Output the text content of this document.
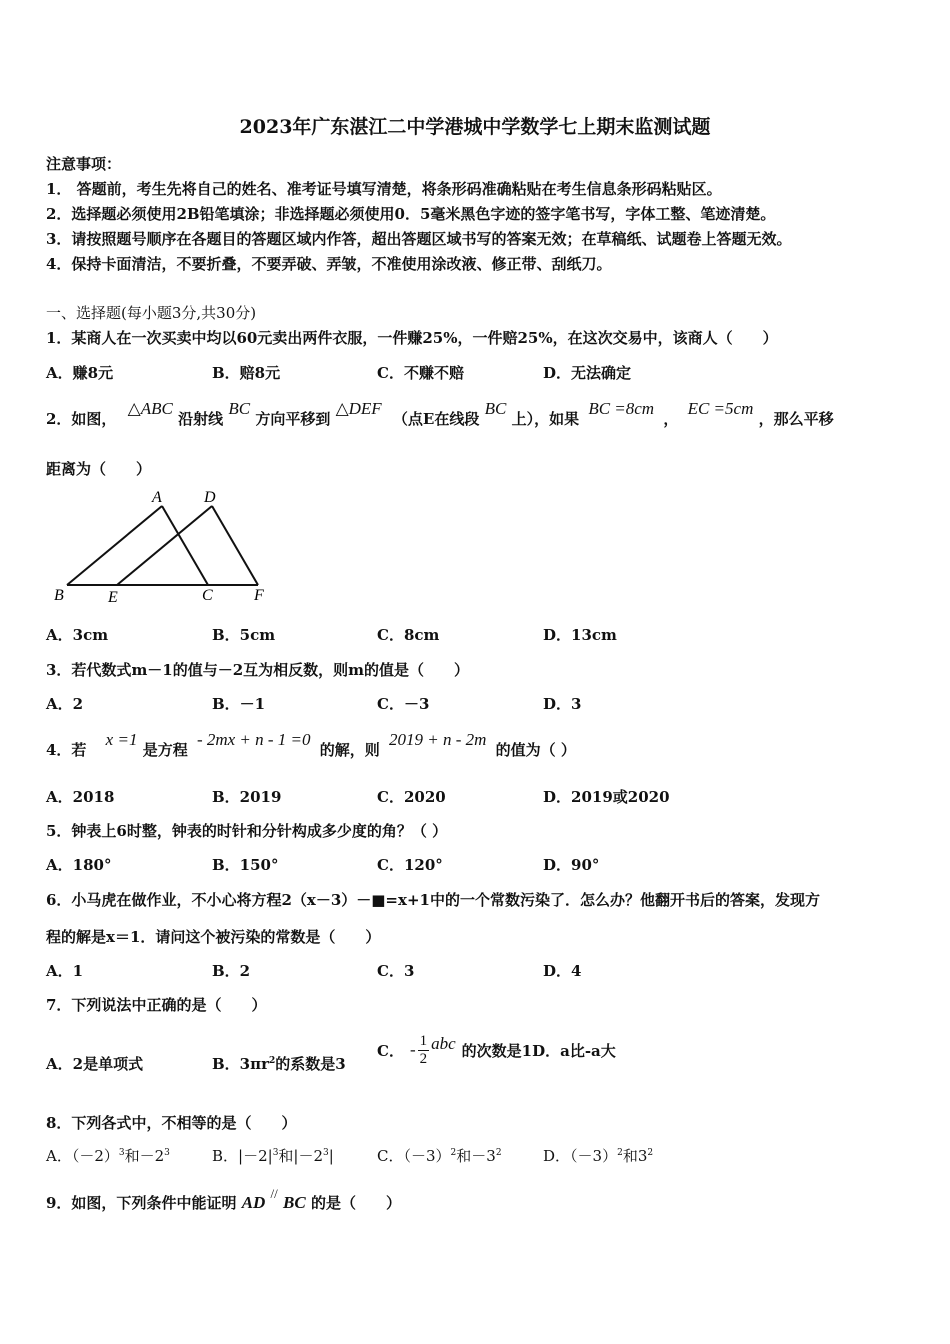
2023年广东湛江二中学港城中学数学七上期末监测试题
注意事项：
1． 答题前，考生先将自己的姓名、准考证号填写清楚，将条形码准确粘贴在考生信息条形码粘贴区。
2．选择题必须使用2B铅笔填涂；非选择题必须使用0．5毫米黑色字迹的签字笔书写，字体工整、笔迹清楚。
3．请按照题号顺序在各题目的答题区域内作答，超出答题区域书写的答案无效；在草稿纸、试题卷上答题无效。
4．保持卡面清洁，不要折叠，不要弄破、弄皱，不准使用涂改液、修正带、刮纸刀。
一、选择题(每小题3分,共30分)
1．某商人在一次买卖中均以60元卖出两件衣服，一件赚25%，一件赔25%，在这次交易中，该商人（　　）
A．赚8元	B．赔8元	C．不赚不赔	D．无法确定
2．如图， △ABC 沿射线 BC 方向平移到 △DEF （点E在线段 BC 上），如果 BC =8cm ， EC =5cm ，那么平移
距离为（　　）
A	D
B	E	C	F
A．3cm	B．5cm	C．8cm	D．13cm
3．若代数式m－1的值与－2互为相反数，则m的值是（　　）
A．2	B．－1	C．－3	D．3
4．若 x =1 是方程 - 2mx + n - 1 =0 的解，则 2019 + n - 2m 的值为（ ）
A．2018	B．2019	C．2020	D．2019或2020
5．钟表上6时整，钟表的时针和分针构成多少度的角？（ ）
A．180°	B．150°	C．120°	D．90°
6．小马虎在做作业，不小心将方程2（x－3）－■=x+1中的一个常数污染了．怎么办？他翻开书后的答案，发现方
程的解是x＝1．请问这个被污染的常数是（　　）
A．1	B．2	C．3	D．4
7．下列说法中正确的是（　　）
A．2是单项式	B．$3\pi r^2$的系数是3
C． - $\frac{1}{2}$ abc 的次数是1 D．a比-a大
8．下列各式中，不相等的是（　　）
A．$(-2)^3$和$-2^3$	B．$|-2|^3$和$|-2^3|$	C．$(-3)^2$和$-3^2$	D．$(-3)^2$和$3^2$
9．如图，下列条件中能证明 AD // BC 的是（　　）
